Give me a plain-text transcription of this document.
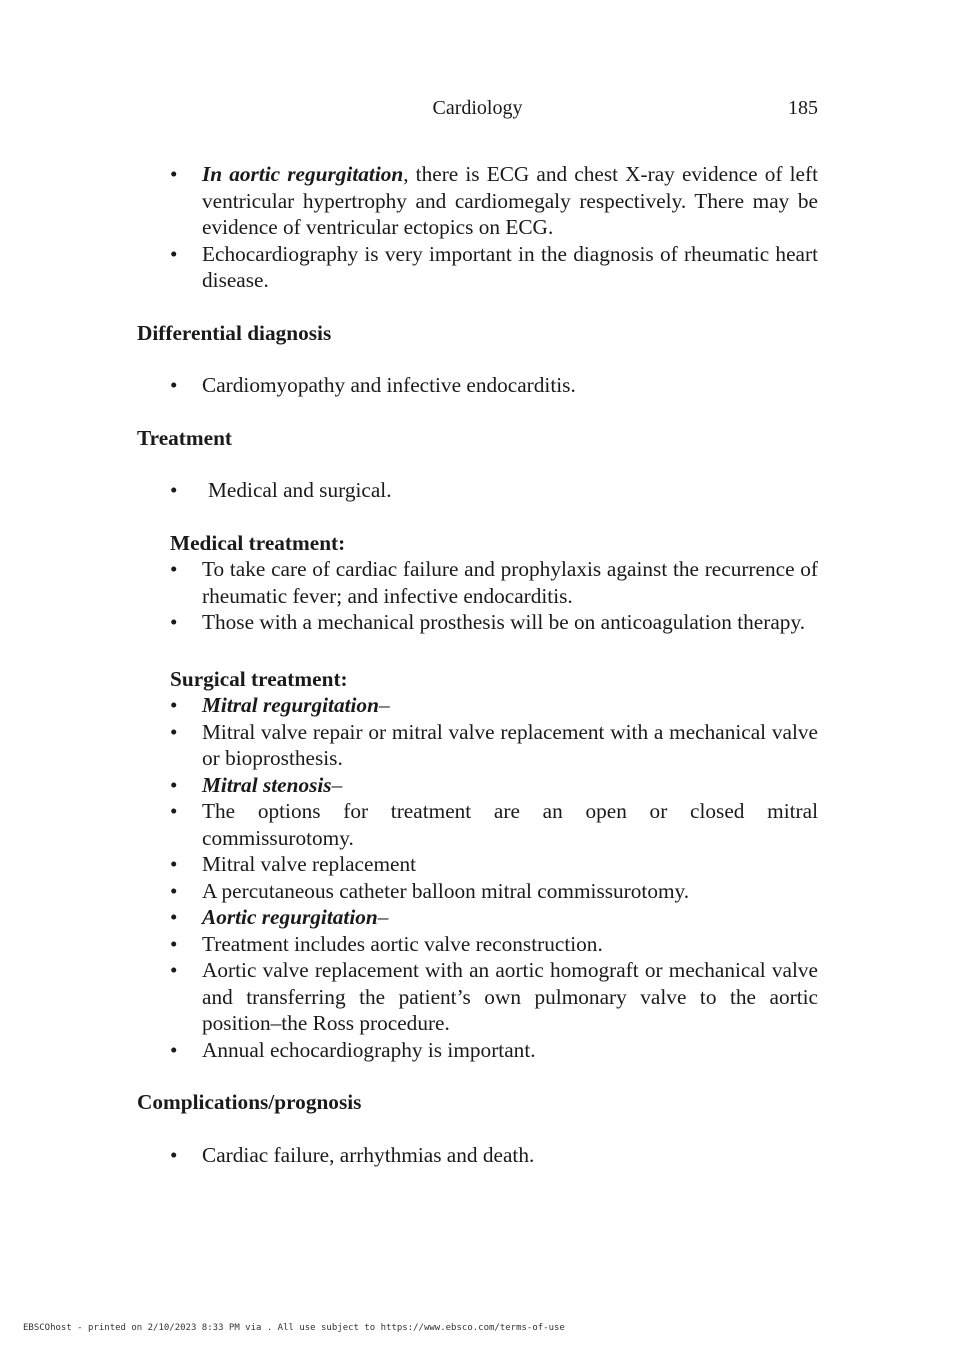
Cardiology	185
• In aortic regurgitation, there is ECG and chest X-ray evidence of left ventricular hypertrophy and cardiomegaly respectively. There may be evidence of ventricular ectopics on ECG.
• Echocardiography is very important in the diagnosis of rheumatic heart disease.

Differential diagnosis

• Cardiomyopathy and infective endocarditis.

Treatment

• Medical and surgical.

Medical treatment:

• To take care of cardiac failure and prophylaxis against the recurrence of rheumatic fever; and infective endocarditis.
• Those with a mechanical prosthesis will be on anticoagulation therapy.

Surgical treatment:

• Mitral regurgitation–
• Mitral valve repair or mitral valve replacement with a mechanical valve or bioprosthesis.
• Mitral stenosis–
• The options for treatment are an open or closed mitral commissurotomy.
• Mitral valve replacement
• A percutaneous catheter balloon mitral commissurotomy.
• Aortic regurgitation–
• Treatment includes aortic valve reconstruction.
• Aortic valve replacement with an aortic homograft or mechanical valve and transferring the patient’s own pulmonary valve to the aortic position–the Ross procedure.
• Annual echocardiography is important.

Complications/prognosis

• Cardiac failure, arrhythmias and death.
EBSCOhost - printed on 2/10/2023 8:33 PM via . All use subject to https://www.ebsco.com/terms-of-use
